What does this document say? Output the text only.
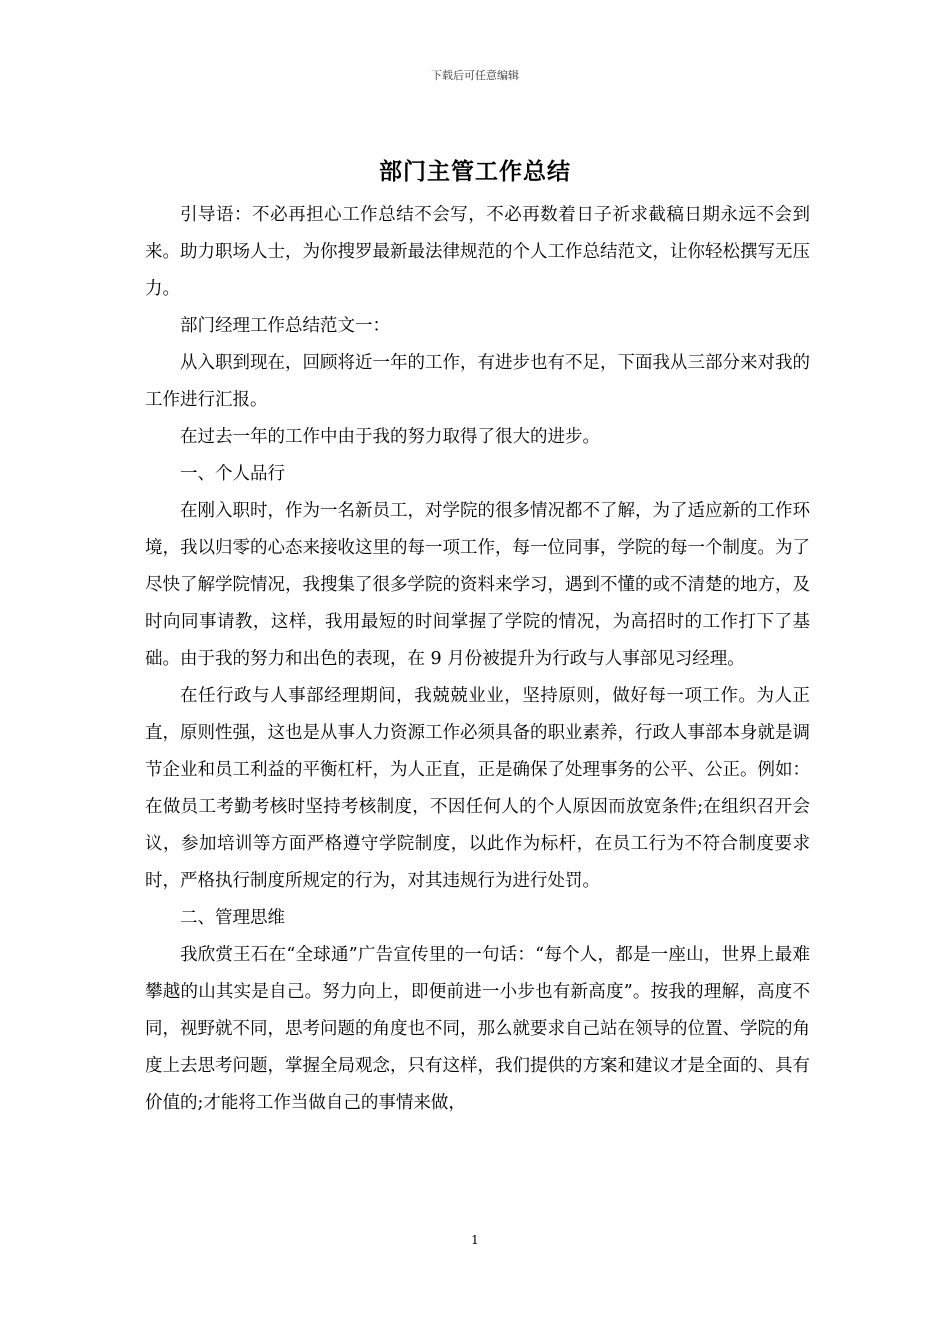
下载后可任意编辑
部门主管工作总结

引导语：不必再担心工作总结不会写，不必再数着日子祈求截稿日期永远不会到来。助力职场人士，为你搜罗最新最法律规范的个人工作总结范文，让你轻松撰写无压力。

部门经理工作总结范文一：

从入职到现在，回顾将近一年的工作，有进步也有不足，下面我从三部分来对我的工作进行汇报。

在过去一年的工作中由于我的努力取得了很大的进步。

一、个人品行

在刚入职时，作为一名新员工，对学院的很多情况都不了解，为了适应新的工作环境，我以归零的心态来接收这里的每一项工作，每一位同事，学院的每一个制度。为了尽快了解学院情况，我搜集了很多学院的资料来学习，遇到不懂的或不清楚的地方，及时向同事请教，这样，我用最短的时间掌握了学院的情况，为高招时的工作打下了基础。由于我的努力和出色的表现，在 9 月份被提升为行政与人事部见习经理。

在任行政与人事部经理期间，我兢兢业业，坚持原则，做好每一项工作。为人正直，原则性强，这也是从事人力资源工作必须具备的职业素养，行政人事部本身就是调节企业和员工利益的平衡杠杆，为人正直，正是确保了处理事务的公平、公正。例如：在做员工考勤考核时坚持考核制度，不因任何人的个人原因而放宽条件;在组织召开会议，参加培训等方面严格遵守学院制度，以此作为标杆，在员工行为不符合制度要求时，严格执行制度所规定的行为，对其违规行为进行处罚。

二、管理思维

我欣赏王石在“全球通”广告宣传里的一句话：“每个人，都是一座山，世界上最难攀越的山其实是自己。努力向上，即便前进一小步也有新高度”。按我的理解，高度不同，视野就不同，思考问题的角度也不同，那么就要求自己站在领导的位置、学院的角度上去思考问题，掌握全局观念，只有这样，我们提供的方案和建议才是全面的、具有价值的;才能将工作当做自己的事情来做，

1
